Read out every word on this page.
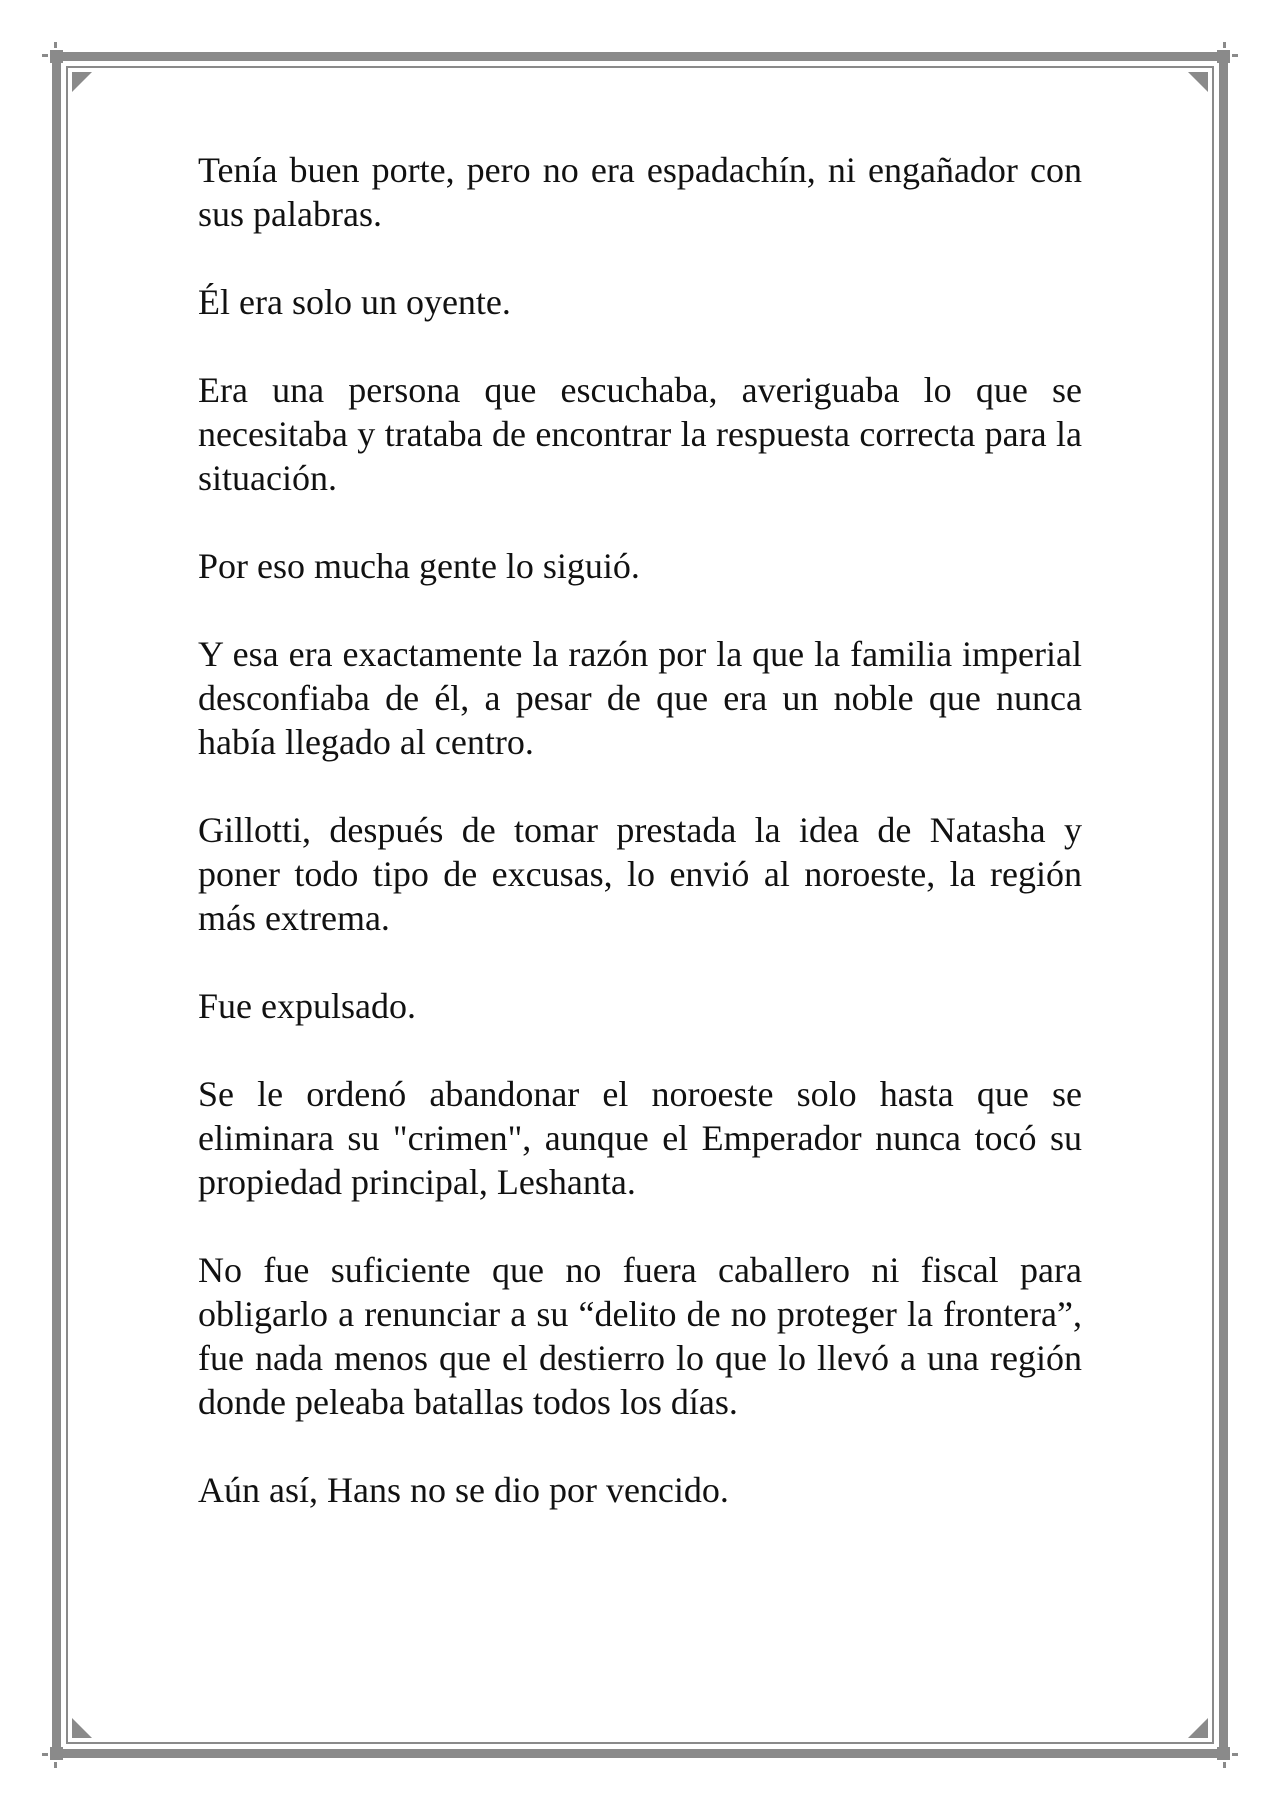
Tenía buen porte, pero no era espadachín, ni engañador con sus palabras.

Él era solo un oyente.

Era una persona que escuchaba, averiguaba lo que se necesitaba y trataba de encontrar la respuesta correcta para la situación.

Por eso mucha gente lo siguió.

Y esa era exactamente la razón por la que la familia imperial desconfiaba de él, a pesar de que era un noble que nunca había llegado al centro.

Gillotti, después de tomar prestada la idea de Natasha y poner todo tipo de excusas, lo envió al noroeste, la región más extrema.

Fue expulsado.

Se le ordenó abandonar el noroeste solo hasta que se eliminara su "crimen", aunque el Emperador nunca tocó su propiedad principal, Leshanta.

No fue suficiente que no fuera caballero ni fiscal para obligarlo a renunciar a su “delito de no proteger la frontera”, fue nada menos que el destierro lo que lo llevó a una región donde peleaba batallas todos los días.

Aún así, Hans no se dio por vencido.
